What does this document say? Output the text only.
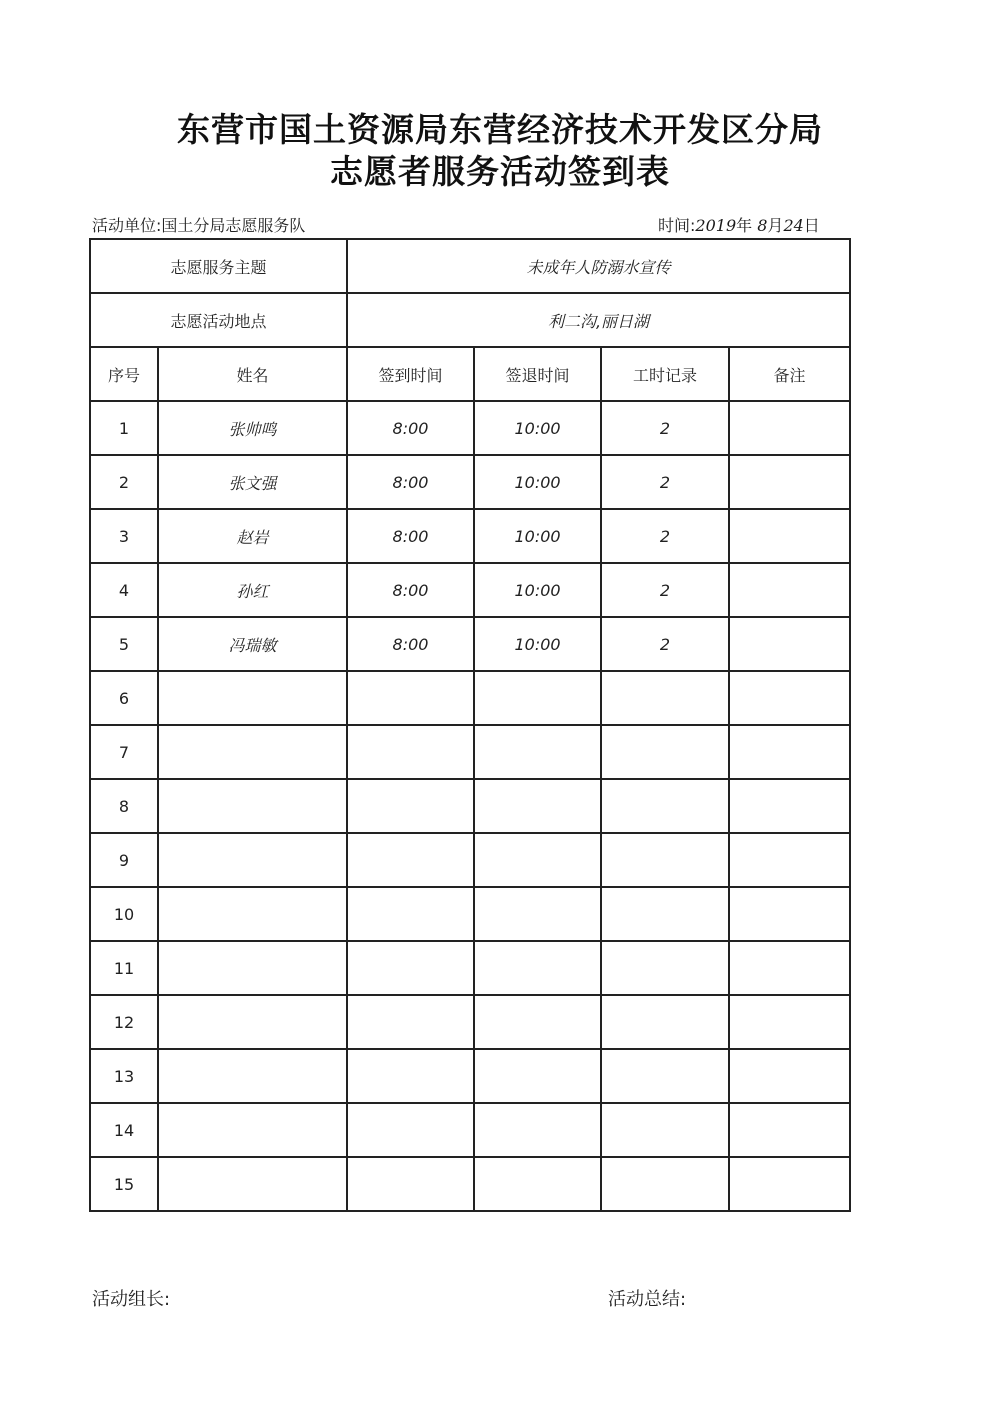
东营市国土资源局东营经济技术开发区分局
志愿者服务活动签到表
活动单位:国土分局志愿服务队	时间:2019年 8月24日
志愿服务主题		未成年人防溺水宣传			
志愿活动地点		利二沟,丽日湖			
序号	姓名	签到时间	签退时间	工时记录	备注
1	张帅鸣	8:00	10:00	2	
2	张文强	8:00	10:00	2	
3	赵岩	8:00	10:00	2	
4	孙红	8:00	10:00	2	
5	冯瑞敏	8:00	10:00	2	
6					
7					
8					
9					
10					
11					
12					
13					
14					
15					
活动组长:	活动总结:
